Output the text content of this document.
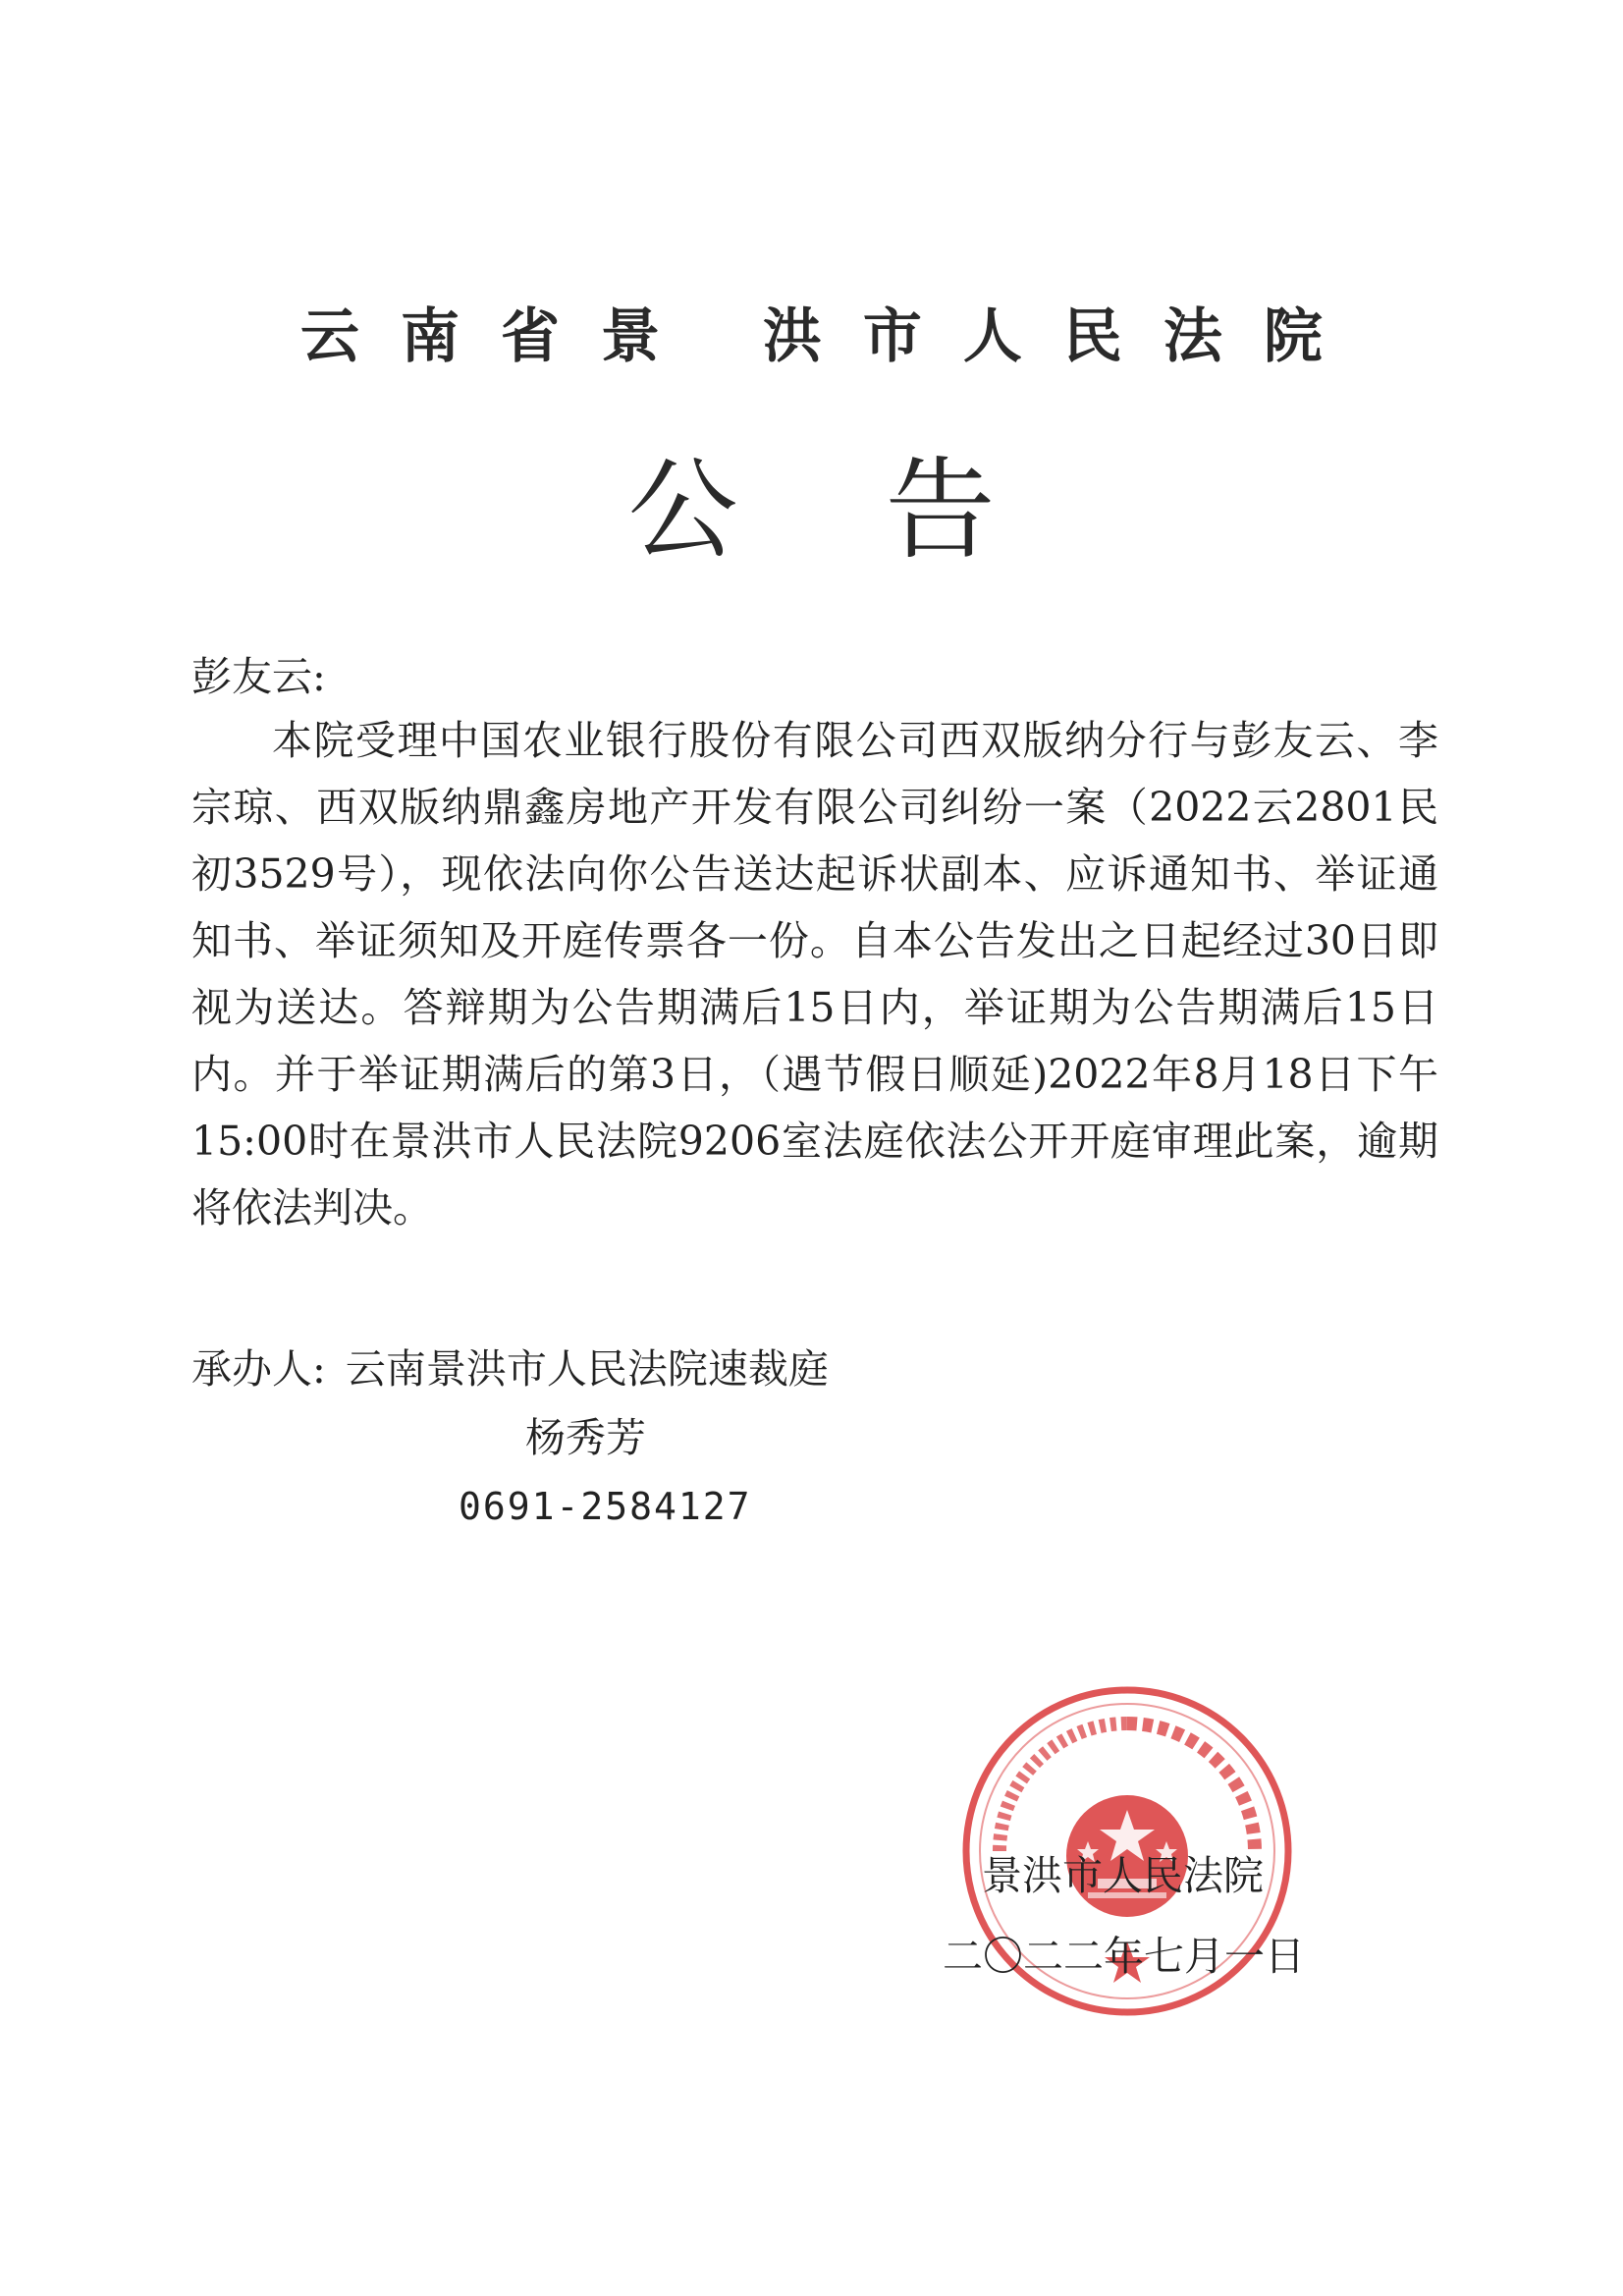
云南省景 洪市人民法院
公告
彭友云:
本院受理中国农业银行股份有限公司西双版纳分行与彭友云、李宗琼、西双版纳鼎鑫房地产开发有限公司纠纷一案（2022云2801民初3529号），现依法向你公告送达起诉状副本、应诉通知书、举证通知书、举证须知及开庭传票各一份。自本公告发出之日起经过30日即视为送达。答辩期为公告期满后15日内，举证期为公告期满后15日内。并于举证期满后的第3日，（遇节假日顺延)2022年8月18日下午15:00时在景洪市人民法院9206室法庭依法公开开庭审理此案，逾期将依法判决。
承办人: 云南景洪市人民法院速裁庭
杨秀芳
0691-2584127
景洪市人民法院
二〇二二年七月一日
